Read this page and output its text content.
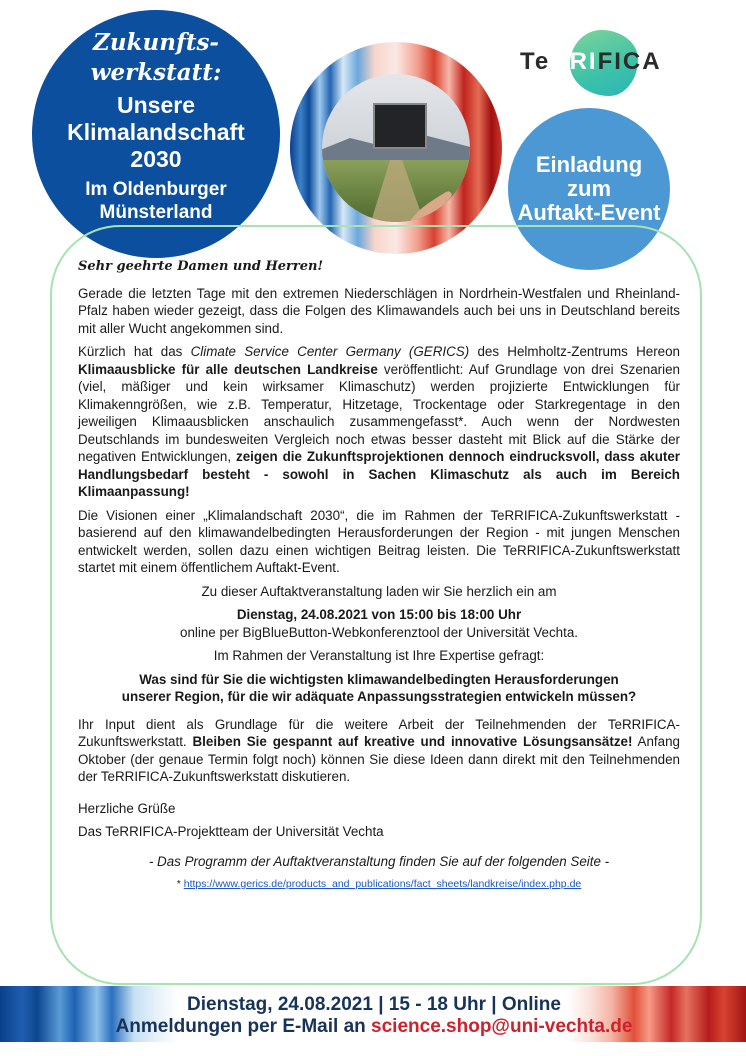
Zukunfts-
werkstatt:
Unsere
Klimalandschaft
2030
Im Oldenburger
Münsterland
TeRRIFICA
Einladung
zum
Auftakt-Event

Sehr geehrte Damen und Herren!

Gerade die letzten Tage mit den extremen Niederschlägen in Nordrhein-Westfalen und Rheinland-Pfalz haben wieder gezeigt, dass die Folgen des Klimawandels auch bei uns in Deutschland bereits mit aller Wucht angekommen sind.

Kürzlich hat das Climate Service Center Germany (GERICS) des Helmholtz-Zentrums Hereon Klimaausblicke für alle deutschen Landkreise veröffentlicht: Auf Grundlage von drei Szenarien (viel, mäßiger und kein wirksamer Klimaschutz) werden projizierte Entwicklungen für Klimakenngrößen, wie z.B. Temperatur, Hitzetage, Trockentage oder Starkregentage in den jeweiligen Klimaausblicken anschaulich zusammengefasst*. Auch wenn der Nordwesten Deutschlands im bundesweiten Vergleich noch etwas besser dasteht mit Blick auf die Stärke der negativen Entwicklungen, zeigen die Zukunftsprojektionen dennoch eindrucksvoll, dass akuter Handlungsbedarf besteht - sowohl in Sachen Klimaschutz als auch im Bereich Klimaanpassung!

Die Visionen einer „Klimalandschaft 2030“, die im Rahmen der TeRRIFICA-Zukunftswerkstatt - basierend auf den klimawandelbedingten Herausforderungen der Region - mit jungen Menschen entwickelt werden, sollen dazu einen wichtigen Beitrag leisten. Die TeRRIFICA-Zukunftswerkstatt startet mit einem öffentlichem Auftakt-Event.

Zu dieser Auftaktveranstaltung laden wir Sie herzlich ein am

Dienstag, 24.08.2021 von 15:00 bis 18:00 Uhr

online per BigBlueButton-Webkonferenztool der Universität Vechta.

Im Rahmen der Veranstaltung ist Ihre Expertise gefragt:

Was sind für Sie die wichtigsten klimawandelbedingten Herausforderungen
unserer Region, für die wir adäquate Anpassungsstrategien entwickeln müssen?

Ihr Input dient als Grundlage für die weitere Arbeit der Teilnehmenden der TeRRIFICA-Zukunftswerkstatt. Bleiben Sie gespannt auf kreative und innovative Lösungsansätze! Anfang Oktober (der genaue Termin folgt noch) können Sie diese Ideen dann direkt mit den Teilnehmenden der TeRRIFICA-Zukunftswerkstatt diskutieren.

Herzliche Grüße

Das TeRRIFICA-Projektteam der Universität Vechta

- Das Programm der Auftaktveranstaltung finden Sie auf der folgenden Seite -

* https://www.gerics.de/products_and_publications/fact_sheets/landkreise/index.php.de

Dienstag, 24.08.2021 | 15 - 18 Uhr | Online
Anmeldungen per E-Mail an science.shop@uni-vechta.de
